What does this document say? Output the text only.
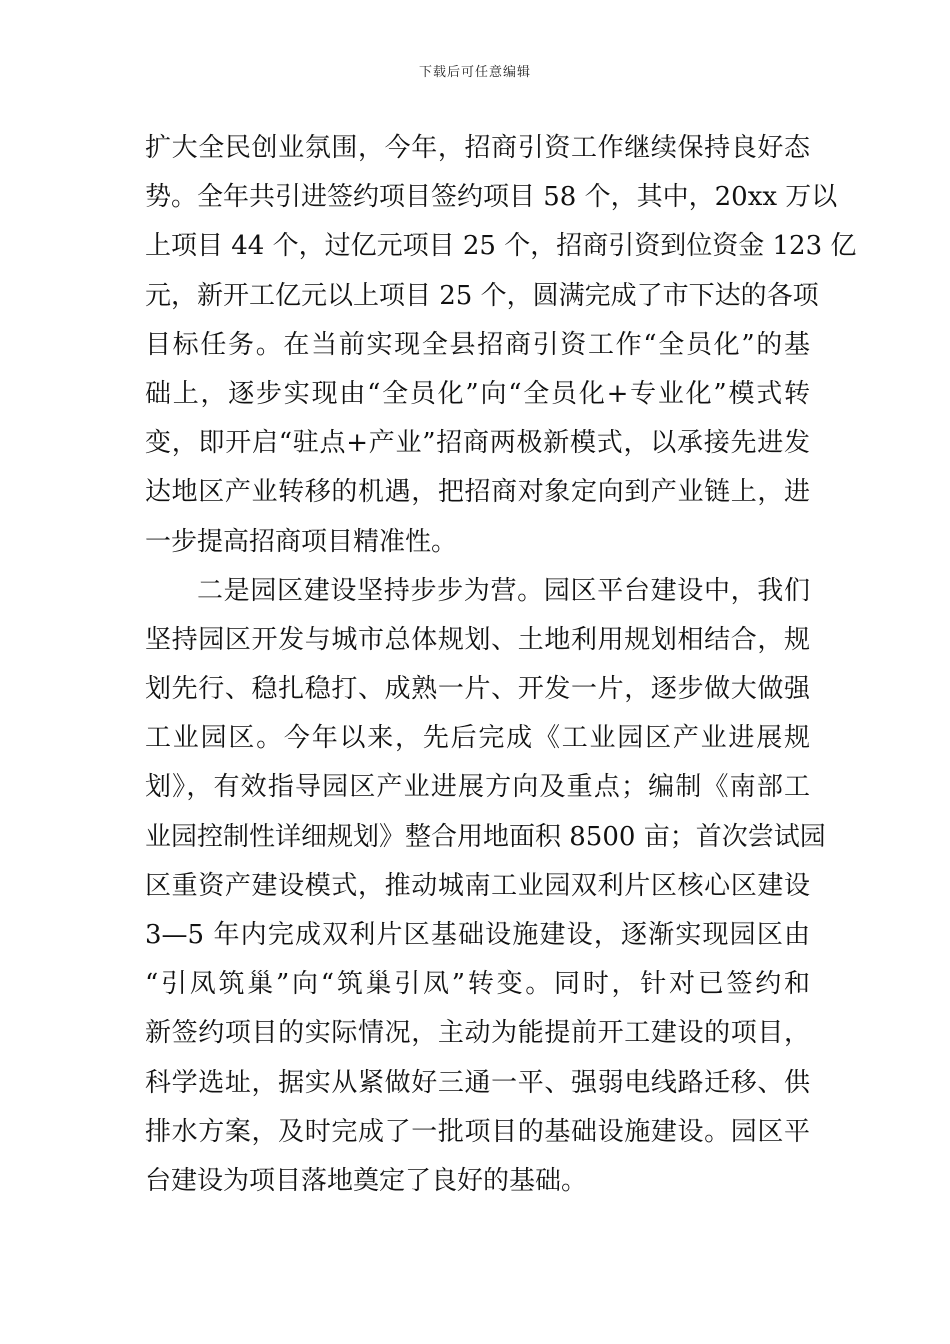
下载后可任意编辑
扩大全民创业氛围，今年，招商引资工作继续保持良好态
势。全年共引进签约项目签约项目 58 个，其中，20xx 万以
上项目 44 个，过亿元项目 25 个，招商引资到位资金 123 亿
元，新开工亿元以上项目 25 个，圆满完成了市下达的各项
目标任务。在当前实现全县招商引资工作“全员化”的基
础上，逐步实现由“全员化”向“全员化+专业化”模式转
变，即开启“驻点+产业”招商两极新模式，以承接先进发
达地区产业转移的机遇，把招商对象定向到产业链上，进
一步提高招商项目精准性。
二是园区建设坚持步步为营。园区平台建设中，我们
坚持园区开发与城市总体规划、土地利用规划相结合，规
划先行、稳扎稳打、成熟一片、开发一片，逐步做大做强
工业园区。今年以来，先后完成《工业园区产业进展规
划》，有效指导园区产业进展方向及重点；编制《南部工
业园控制性详细规划》整合用地面积 8500 亩；首次尝试园
区重资产建设模式，推动城南工业园双利片区核心区建设
3—5 年内完成双利片区基础设施建设，逐渐实现园区由
“引凤筑巢”向“筑巢引凤”转变。同时，针对已签约和
新签约项目的实际情况，主动为能提前开工建设的项目，
科学选址，据实从紧做好三通一平、强弱电线路迁移、供
排水方案，及时完成了一批项目的基础设施建设。园区平
台建设为项目落地奠定了良好的基础。
